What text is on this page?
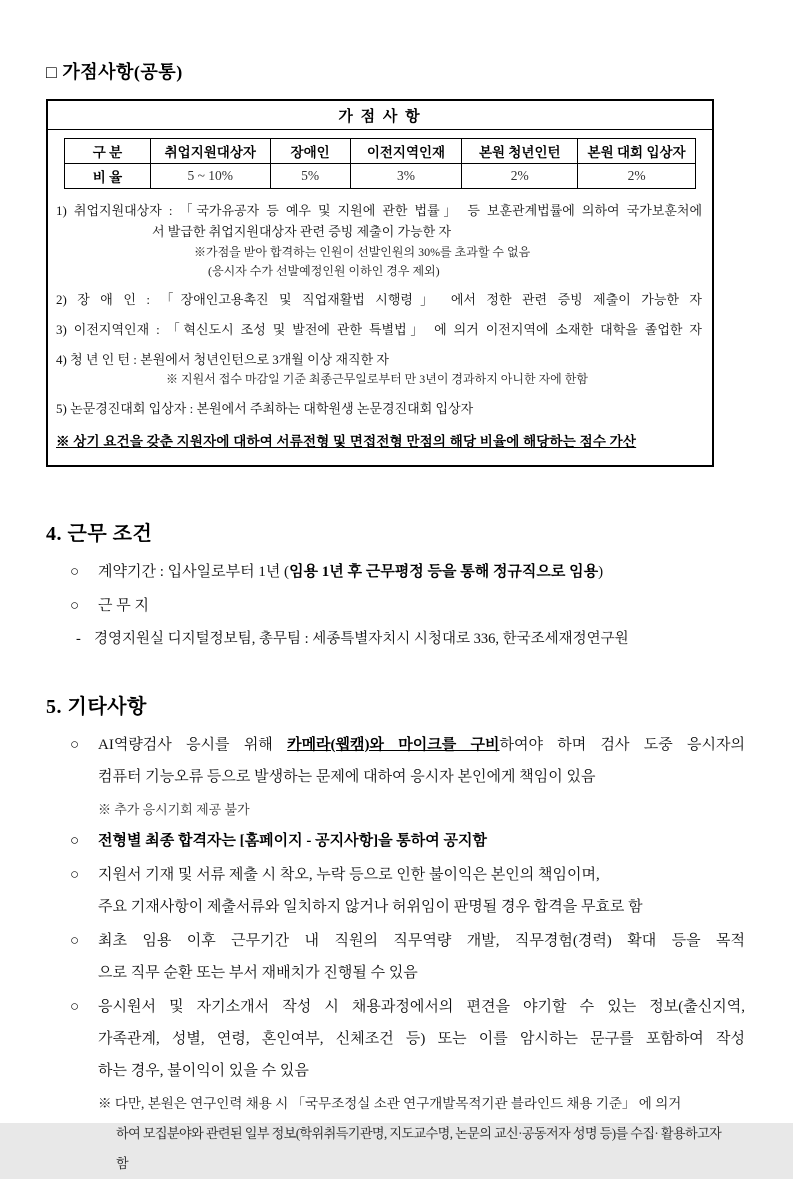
□ 가점사항(공통)
가 점 사 항
구 분	취업지원대상자	장애인	이전지역인재	본원 청년인턴	본원 대회 입상자
비 율	5 ~ 10%	5%	3%	2%	2%
1) 취업지원대상자 : 「국가유공자 등 예우 및 지원에 관한 법률」 등 보훈관계법률에 의하여 국가보훈처에
서 발급한 취업지원대상자 관련 증빙 제출이 가능한 자
※가점을 받아 합격하는 인원이 선발인원의 30%를 초과할 수 없음
(응시자 수가 선발예정인원 이하인 경우 제외)
2) 장 애 인 : 「장애인고용촉진 및 직업재활법 시행령」 에서 정한 관련 증빙 제출이 가능한 자
3) 이전지역인재 : 「혁신도시 조성 및 발전에 관한 특별법」 에 의거 이전지역에 소재한 대학을 졸업한 자
4) 청 년 인 턴 : 본원에서 청년인턴으로 3개월 이상 재직한 자
※ 지원서 접수 마감일 기준 최종근무일로부터 만 3년이 경과하지 아니한 자에 한함
5) 논문경진대회 입상자 : 본원에서 주최하는 대학원생 논문경진대회 입상자
※ 상기 요건을 갖춘 지원자에 대하여 서류전형 및 면접전형 만점의 해당 비율에 해당하는 점수 가산
4. 근무 조건
○	계약기간 : 입사일로부터 1년 (임용 1년 후 근무평정 등을 통해 정규직으로 임용)
○	근 무 지
- 경영지원실 디지털정보팀, 총무팀 : 세종특별자치시 시청대로 336, 한국조세재정연구원
5. 기타사항
○	AI역량검사 응시를 위해 카메라(웹캠)와 마이크를 구비하여야 하며 검사 도중 응시자의
컴퓨터 기능오류 등으로 발생하는 문제에 대하여 응시자 본인에게 책임이 있음
※ 추가 응시기회 제공 불가
○	전형별 최종 합격자는 [홈페이지 - 공지사항]을 통하여 공지함
○	지원서 기재 및 서류 제출 시 착오, 누락 등으로 인한 불이익은 본인의 책임이며,
주요 기재사항이 제출서류와 일치하지 않거나 허위임이 판명될 경우 합격을 무효로 함
○	최초 임용 이후 근무기간 내 직원의 직무역량 개발, 직무경험(경력) 확대 등을 목적
으로 직무 순환 또는 부서 재배치가 진행될 수 있음
○	응시원서 및 자기소개서 작성 시 채용과정에서의 편견을 야기할 수 있는 정보(출신지역,
가족관계, 성별, 연령, 혼인여부, 신체조건 등) 또는 이를 암시하는 문구를 포함하여 작성
하는 경우, 불이익이 있을 수 있음
※ 다만, 본원은 연구인력 채용 시 「국무조정실 소관 연구개발목적기관 블라인드 채용 기준」 에 의거
하여 모집분야와 관련된 일부 정보(학위취득기관명, 지도교수명, 논문의 교신·공동저자 성명 등)를 수집· 활용하고자 함
